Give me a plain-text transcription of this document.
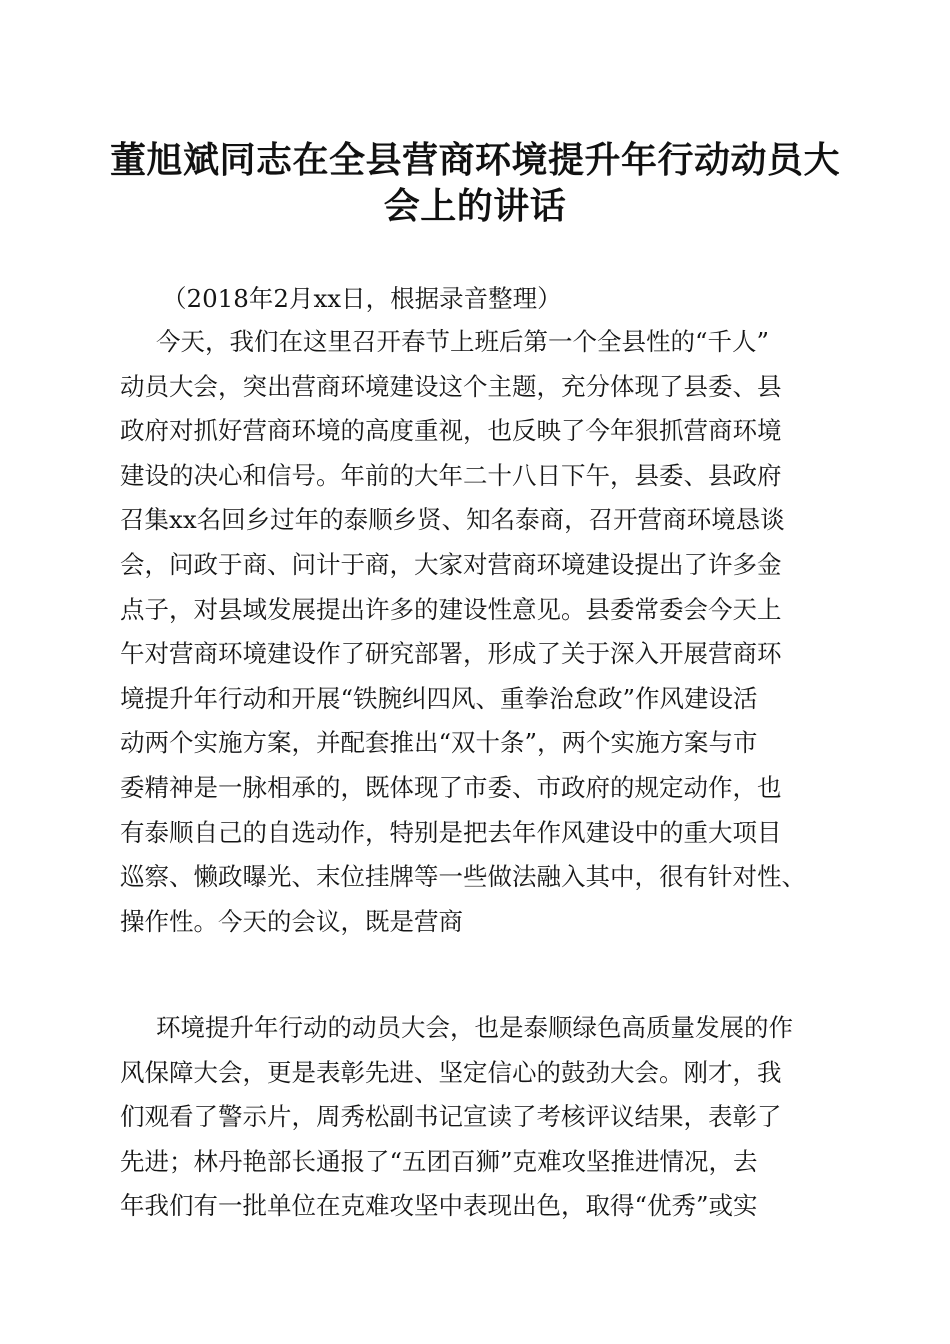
董旭斌同志在全县营商环境提升年行动动员大
会上的讲话
（2018年2月xx日，根据录音整理）
今天，我们在这里召开春节上班后第一个全县性的“千人”
动员大会，突出营商环境建设这个主题，充分体现了县委、县
政府对抓好营商环境的高度重视，也反映了今年狠抓营商环境
建设的决心和信号。年前的大年二十八日下午，县委、县政府
召集xx名回乡过年的泰顺乡贤、知名泰商，召开营商环境恳谈
会，问政于商、问计于商，大家对营商环境建设提出了许多金
点子，对县域发展提出许多的建设性意见。县委常委会今天上
午对营商环境建设作了研究部署，形成了关于深入开展营商环
境提升年行动和开展“铁腕纠四风、重拳治怠政”作风建设活
动两个实施方案，并配套推出“双十条”，两个实施方案与市
委精神是一脉相承的，既体现了市委、市政府的规定动作，也
有泰顺自己的自选动作，特别是把去年作风建设中的重大项目
巡察、懒政曝光、末位挂牌等一些做法融入其中，很有针对性、
操作性。今天的会议，既是营商
环境提升年行动的动员大会，也是泰顺绿色高质量发展的作
风保障大会，更是表彰先进、坚定信心的鼓劲大会。刚才，我
们观看了警示片，周秀松副书记宣读了考核评议结果，表彰了
先进；林丹艳部长通报了“五团百狮”克难攻坚推进情况，去
年我们有一批单位在克难攻坚中表现出色，取得“优秀”或实
